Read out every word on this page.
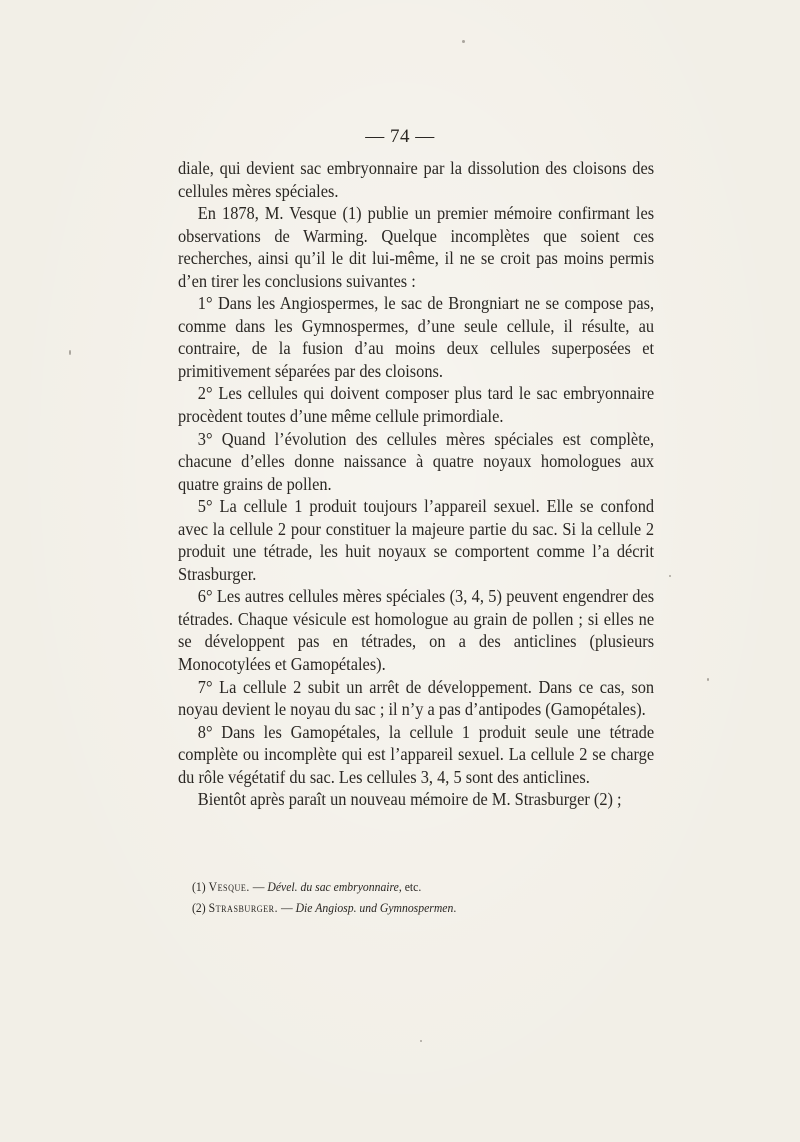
— 74 —

diale, qui devient sac embryonnaire par la dissolution des cloisons des cellules mères spéciales.

En 1878, M. Vesque (1) publie un premier mémoire confirmant les observations de Warming. Quelque incomplètes que soient ces recherches, ainsi qu’il le dit lui-même, il ne se croit pas moins permis d’en tirer les conclusions suivantes :

1° Dans les Angiospermes, le sac de Brongniart ne se compose pas, comme dans les Gymnospermes, d’une seule cellule, il résulte, au contraire, de la fusion d’au moins deux cellules superposées et primitivement séparées par des cloisons.

2° Les cellules qui doivent composer plus tard le sac embryonnaire procèdent toutes d’une même cellule primordiale.

3° Quand l’évolution des cellules mères spéciales est complète, chacune d’elles donne naissance à quatre noyaux homologues aux quatre grains de pollen.

5° La cellule 1 produit toujours l’appareil sexuel. Elle se confond avec la cellule 2 pour constituer la majeure partie du sac. Si la cellule 2 produit une tétrade, les huit noyaux se comportent comme l’a décrit Strasburger.

6° Les autres cellules mères spéciales (3, 4, 5) peuvent engendrer des tétrades. Chaque vésicule est homologue au grain de pollen ; si elles ne se développent pas en tétrades, on a des anticlines (plusieurs Monocotylées et Gamopétales).

7° La cellule 2 subit un arrêt de développement. Dans ce cas, son noyau devient le noyau du sac ; il n’y a pas d’antipodes (Gamopétales).

8° Dans les Gamopétales, la cellule 1 produit seule une tétrade complète ou incomplète qui est l’appareil sexuel. La cellule 2 se charge du rôle végétatif du sac. Les cellules 3, 4, 5 sont des anticlines.

Bientôt après paraît un nouveau mémoire de M. Strasburger (2) ;

(1) Vesque. — Dével. du sac embryonnaire, etc.
(2) Strasburger. — Die Angiosp. und Gymnospermen.
